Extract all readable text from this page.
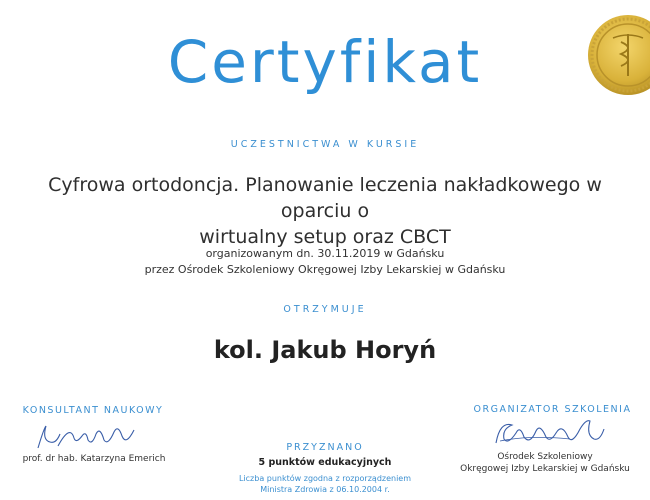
Certyfikat
UCZESTNICTWA W KURSIE
Cyfrowa ortodoncja. Planowanie leczenia nakładkowego w oparciu o
wirtualny setup oraz CBCT
organizowanym dn. 30.11.2019 w Gdańsku
przez Ośrodek Szkoleniowy Okręgowej Izby Lekarskiej w Gdańsku
OTRZYMUJE
kol. Jakub Horyń
KONSULTANT NAUKOWY
prof. dr hab. Katarzyna Emerich
PRZYZNANO
5 punktów edukacyjnych
Liczba punktów zgodna z rozporządzeniem
Ministra Zdrowia z 06.10.2004 r.
ORGANIZATOR SZKOLENIA
Ośrodek Szkoleniowy
Okręgowej Izby Lekarskiej w Gdańsku
